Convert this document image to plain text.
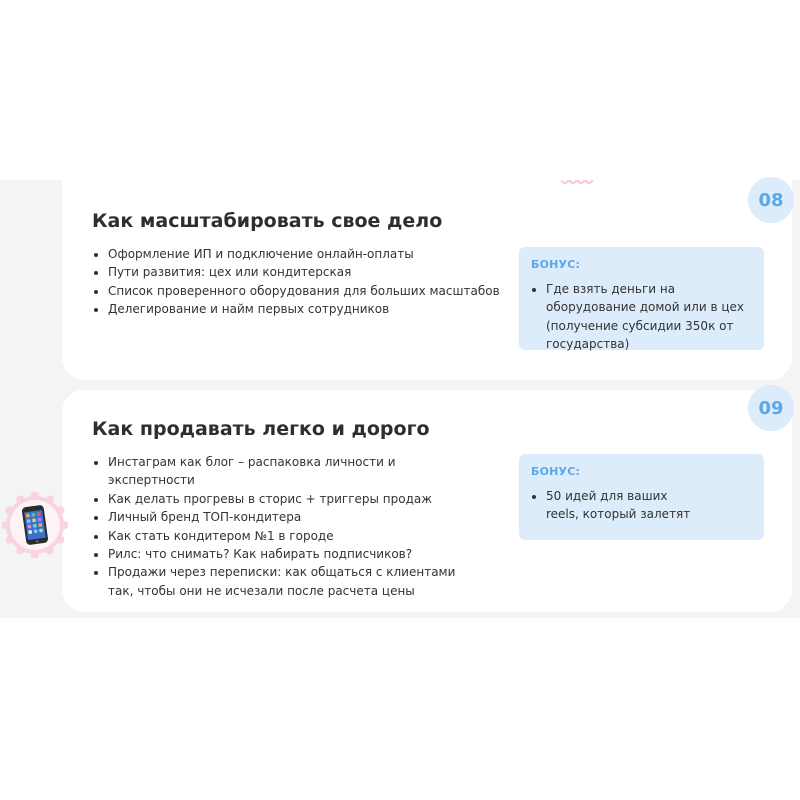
08
Как масштабировать свое дело
• Оформление ИП и подключение онлайн-оплаты
• Пути развития: цех или кондитерская
• Список проверенного оборудования для больших масштабов
• Делегирование и найм первых сотрудников
БОНУС:
• Где взять деньги на оборудование домой или в цех (получение субсидии 350к от государства)
09
Как продавать легко и дорого
• Инстаграм как блог – распаковка личности и экспертности
• Как делать прогревы в сторис + триггеры продаж
• Личный бренд ТОП-кондитера
• Как стать кондитером №1 в городе
• Рилс: что снимать? Как набирать подписчиков?
• Продажи через переписки: как общаться с клиентами так, чтобы они не исчезали после расчета цены
БОНУС:
• 50 идей для ваших reels, который залетят
